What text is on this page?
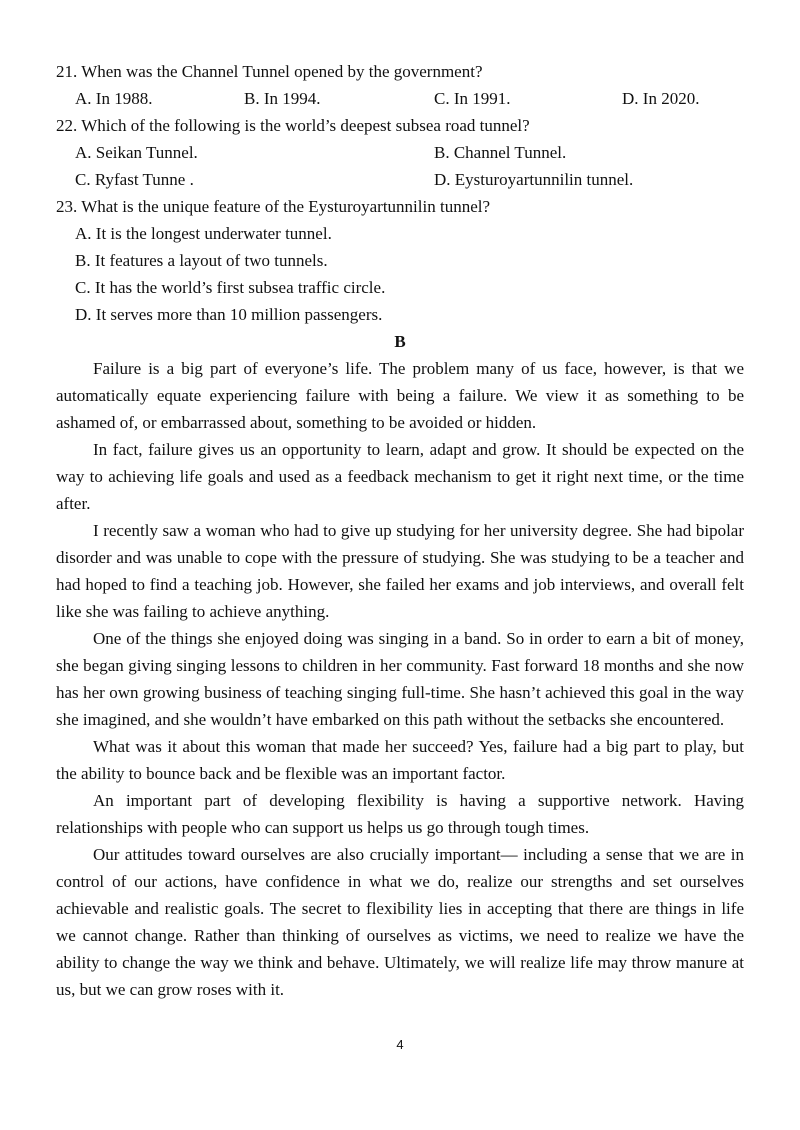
21. When was the Channel Tunnel opened by the government?
A. In 1988.	B. In 1994.	C. In 1991.	D. In 2020.
22. Which of the following is the world’s deepest subsea road tunnel?
A. Seikan Tunnel.	B. Channel Tunnel.
C. Ryfast Tunne .	D. Eysturoyartunnilin tunnel.
23. What is the unique feature of the Eysturoyartunnilin tunnel?
A. It is the longest underwater tunnel.
B. It features a layout of two tunnels.
C. It has the world’s first subsea traffic circle.
D. It serves more than 10 million passengers.
B

Failure is a big part of everyone’s life. The problem many of us face, however, is that we automatically equate experiencing failure with being a failure. We view it as something to be ashamed of, or embarrassed about, something to be avoided or hidden.

In fact, failure gives us an opportunity to learn, adapt and grow. It should be expected on the way to achieving life goals and used as a feedback mechanism to get it right next time, or the time after.

I recently saw a woman who had to give up studying for her university degree. She had bipolar disorder and was unable to cope with the pressure of studying. She was studying to be a teacher and had hoped to find a teaching job. However, she failed her exams and job interviews, and overall felt like she was failing to achieve anything.

One of the things she enjoyed doing was singing in a band. So in order to earn a bit of money, she began giving singing lessons to children in her community. Fast forward 18 months and she now has her own growing business of teaching singing full-time. She hasn’t achieved this goal in the way she imagined, and she wouldn’t have embarked on this path without the setbacks she encountered.

What was it about this woman that made her succeed? Yes, failure had a big part to play, but the ability to bounce back and be flexible was an important factor.

An important part of developing flexibility is having a supportive network. Having relationships with people who can support us helps us go through tough times.

Our attitudes toward ourselves are also crucially important— including a sense that we are in control of our actions, have confidence in what we do, realize our strengths and set ourselves achievable and realistic goals. The secret to flexibility lies in accepting that there are things in life we cannot change. Rather than thinking of ourselves as victims, we need to realize we have the ability to change the way we think and behave. Ultimately, we will realize life may throw manure at us, but we can grow roses with it.

4
